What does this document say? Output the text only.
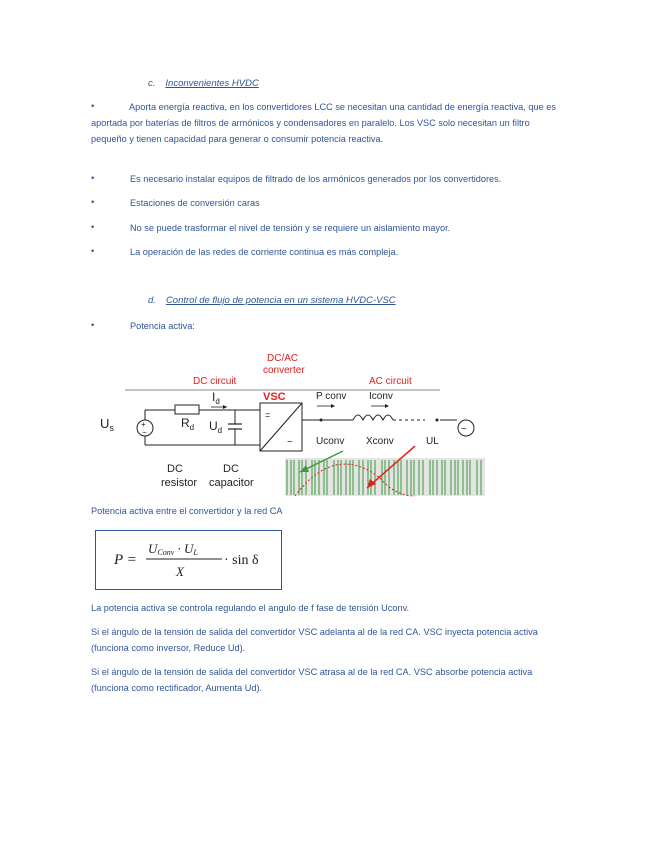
c. Inconvenientes HVDC
•	Aporta energía reactiva, en los convertidores LCC se necesitan una cantidad de energía reactiva, que es aportada por baterías de filtros de armónicos y condensadores en paralelo. Los VSC solo necesitan un filtro pequeño y tienen capacidad para generar o consumir potencia reactiva.
•	Es necesario instalar equipos de filtrado de los armónicos generados por los convertidores.
•	Estaciones de conversión caras
•	No se puede trasformar el nivel de tensión y se requiere un aislamiento mayor.
•	La operación de las redes de corriente continua es más compleja.
d. Control de flujo de potencia en un sistema HVDC-VSC
•	Potencia activa:
DC/AC
converter
DC circuit	AC circuit
+
−
$U_s$	$R_d$
$I_d$
$U_d$
=
~
VSC
~
P conv Iconv
Uconv Xconv	UL
DC
resistor
DC
capacitor
Potencia activa entre el convertidor y la red CA
P =
UConv · UL
X
· sin δ
La potencia activa se controla regulando el angulo de f fase de tensión Uconv.
Si el ángulo de la tensión de salida del convertidor VSC adelanta al de la red CA. VSC inyecta potencia activa (funciona como inversor, Reduce Ud).
Si el ángulo de la tensión de salida del convertidor VSC atrasa al de la red CA. VSC absorbe potencia activa (funciona como rectificador, Aumenta Ud).
